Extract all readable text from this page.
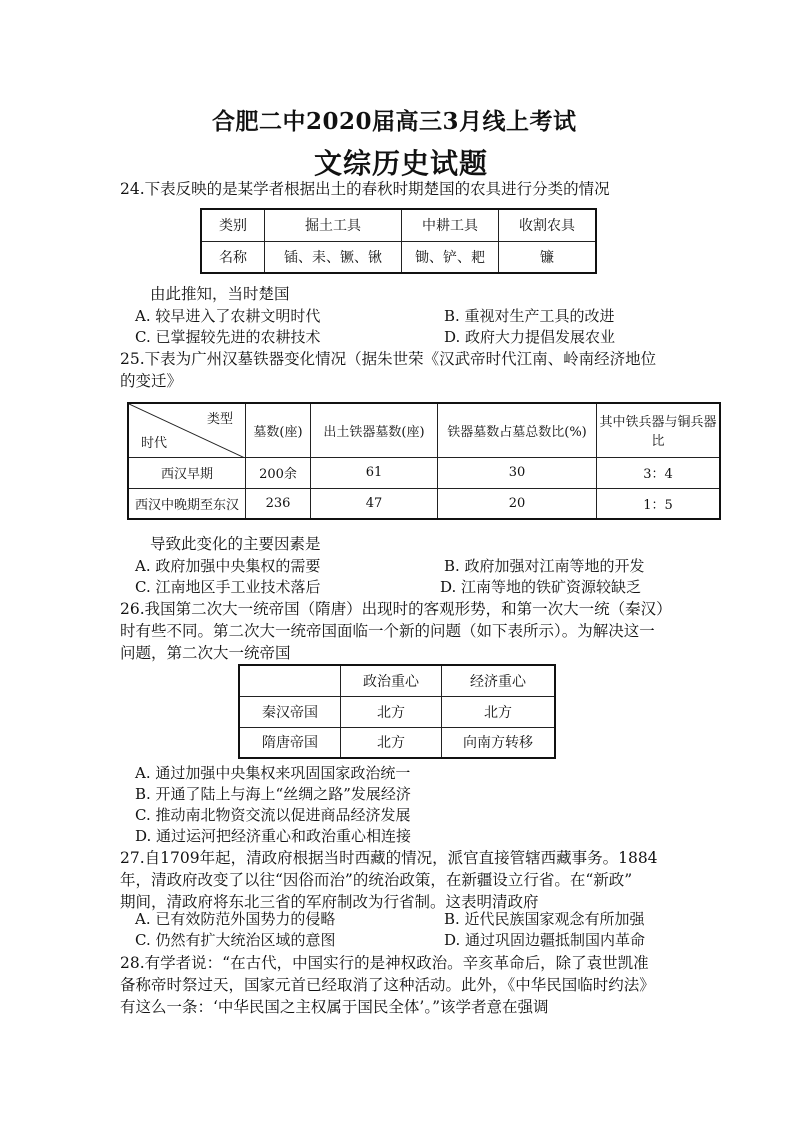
合肥二中2020届高三3月线上考试
文综历史试题
24.下表反映的是某学者根据出土的春秋时期楚国的农具进行分类的情况
类别	掘土工具	中耕工具	收割农具
名称	锸、耒、镢、锹	锄、铲、耙	镰
由此推知，当时楚国
A. 较早进入了农耕文明时代	B. 重视对生产工具的改进
C. 已掌握较先进的农耕技术	D. 政府大力提倡发展农业
25.下表为广州汉墓铁器变化情况（据朱世荣《汉武帝时代江南、岭南经济地位
的变迁》
类型
时代	墓数(座)	出土铁器墓数(座)	铁器墓数占墓总数比(%)	其中铁兵器与铜兵器比
西汉早期	200余	61	30	3：4
西汉中晚期至东汉	236	47	20	1：5
导致此变化的主要因素是
A. 政府加强中央集权的需要	B. 政府加强对江南等地的开发
C. 江南地区手工业技术落后	D. 江南等地的铁矿资源较缺乏
26.我国第二次大一统帝国（隋唐）出现时的客观形势，和第一次大一统（秦汉）
时有些不同。第二次大一统帝国面临一个新的问题（如下表所示）。为解决这一
问题，第二次大一统帝国
	政治重心	经济重心
秦汉帝国	北方	北方
隋唐帝国	北方	向南方转移
A. 通过加强中央集权来巩固国家政治统一
B. 开通了陆上与海上“丝绸之路”发展经济
C. 推动南北物资交流以促进商品经济发展
D. 通过运河把经济重心和政治重心相连接
27.自1709年起，清政府根据当时西藏的情况，派官直接管辖西藏事务。1884
年，清政府改变了以往“因俗而治”的统治政策，在新疆设立行省。在“新政”
期间，清政府将东北三省的军府制改为行省制。这表明清政府
A. 已有效防范外国势力的侵略	B. 近代民族国家观念有所加强
C. 仍然有扩大统治区域的意图	D. 通过巩固边疆抵制国内革命
28.有学者说：“在古代，中国实行的是神权政治。辛亥革命后，除了袁世凯准
备称帝时祭过天，国家元首已经取消了这种活动。此外，《中华民国临时约法》
有这么一条：‘中华民国之主权属于国民全体’。”该学者意在强调
